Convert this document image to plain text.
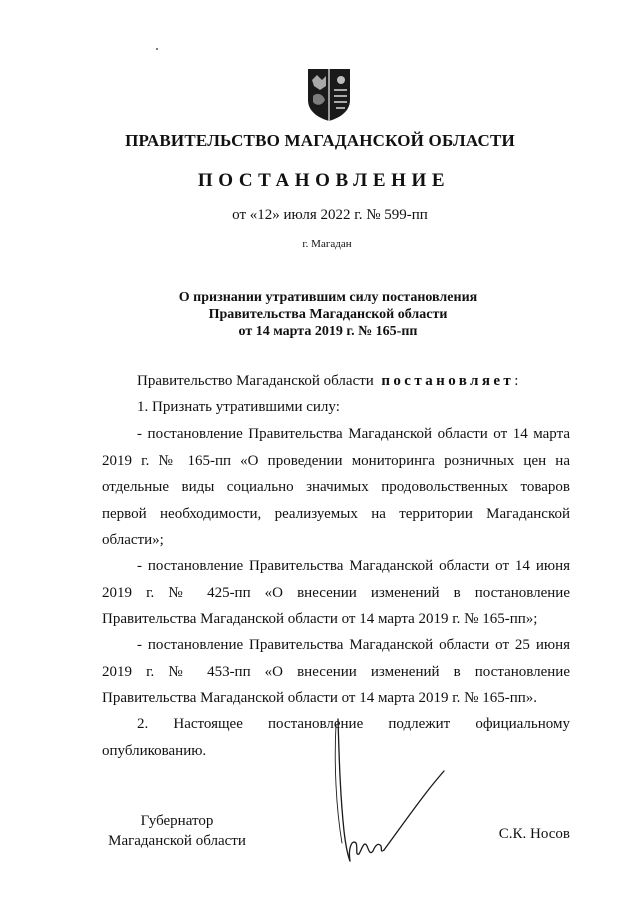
ПРАВИТЕЛЬСТВО МАГАДАНСКОЙ ОБЛАСТИ
ПОСТАНОВЛЕНИЕ
от «12» июля 2022 г. № 599-пп
г. Магадан
О признании утратившим силу постановления
Правительства Магаданской области
от 14 марта 2019 г. № 165-пп
Правительство Магаданской области постановляет:
1. Признать утратившими силу:
- постановление Правительства Магаданской области от 14 марта 2019 г. № 165-пп «О проведении мониторинга розничных цен на отдельные виды социально значимых продовольственных товаров первой необходимости, реализуемых на территории Магаданской области»;
- постановление Правительства Магаданской области от 14 июня 2019 г. № 425-пп «О внесении изменений в постановление Правительства Магаданской области от 14 марта 2019 г. № 165-пп»;
- постановление Правительства Магаданской области от 25 июня 2019 г. № 453-пп «О внесении изменений в постановление Правительства Магаданской области от 14 марта 2019 г. № 165-пп».
2. Настоящее постановление подлежит официальному опубликованию.
Губернатор
Магаданской области	С.К. Носов
